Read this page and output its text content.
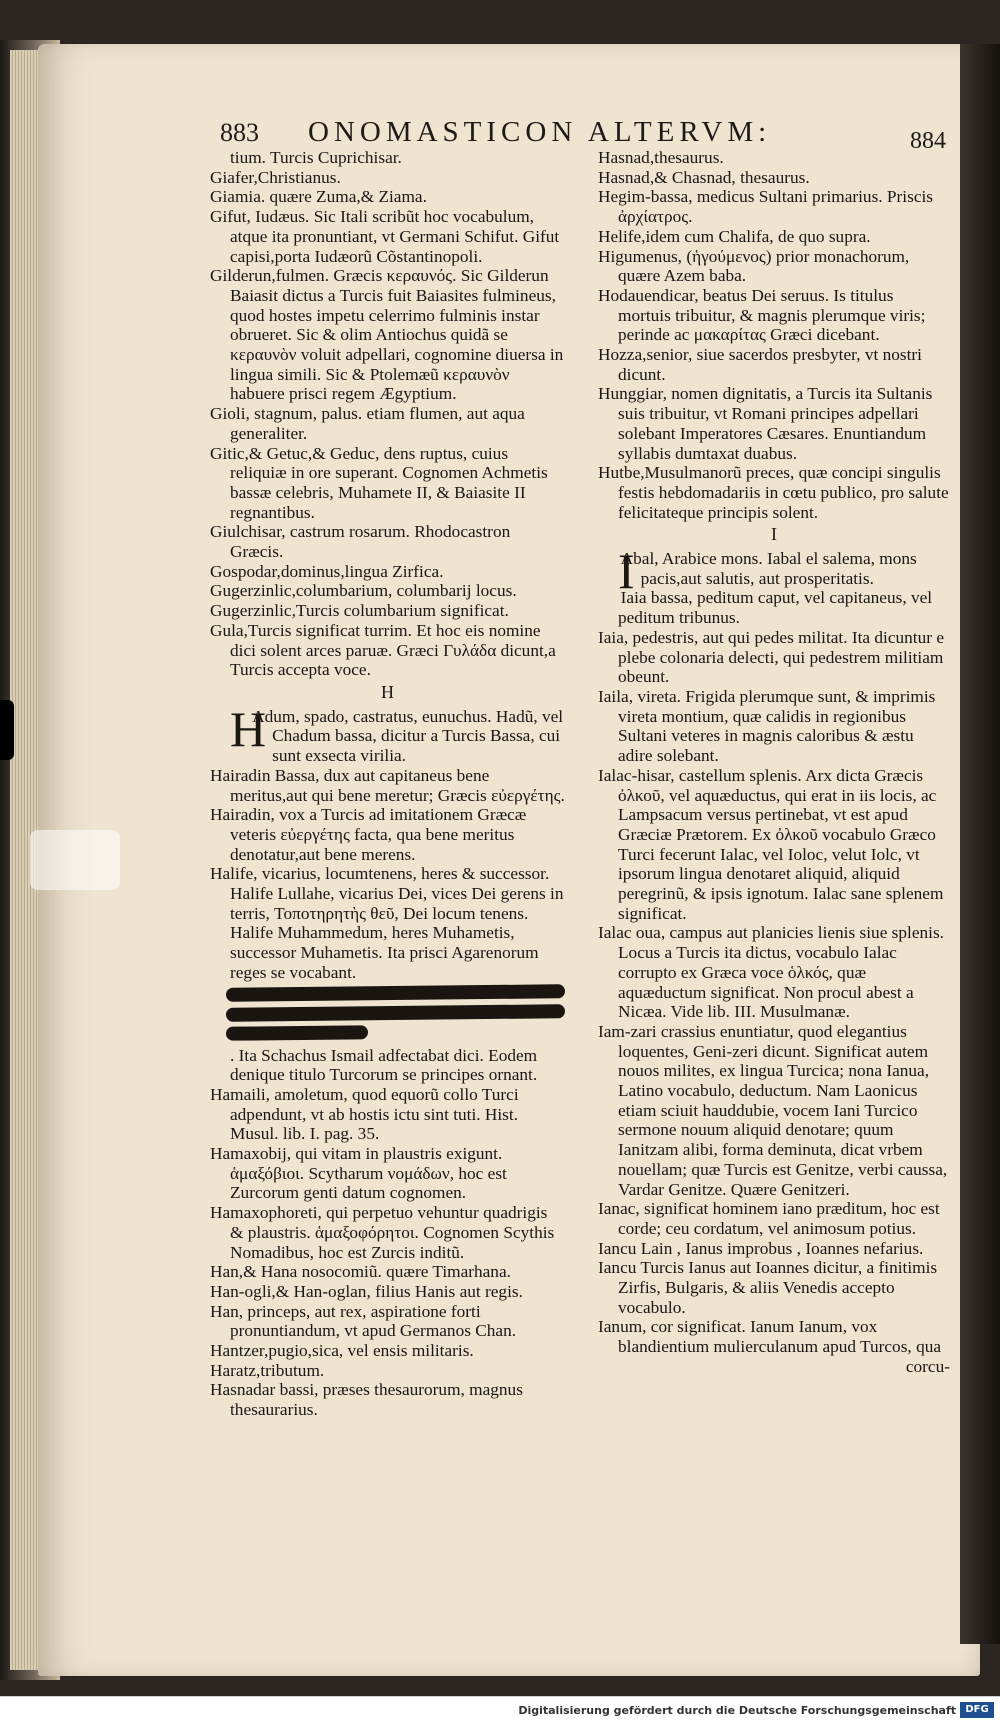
883 ONOMASTICON ALTERVM:	884

tium. Turcis Cuprichisar.

Giafer,Christianus.

Giamia. quære Zuma,& Ziama.

Gifut, Iudæus. Sic Itali scribũt hoc vocabulum, atque ita pronuntiant, vt Germani Schifut. Gifut capisi,porta Iudæorũ Cõstantinopoli.

Gilderun,fulmen. Græcis κεραυνός. Sic Gilderun Baiasit dictus a Turcis fuit Baiasites fulmineus, quod hostes impetu celerrimo fulminis instar obrueret. Sic & olim Antiochus quidã se κεραυνὸν voluit adpellari, cognomine diuersa in lingua simili. Sic & Ptolemæũ κεραυνὸν habuere prisci regem Ægyptium.

Gioli, stagnum, palus. etiam flumen, aut aqua generaliter.

Gitic,& Getuc,& Geduc, dens ruptus, cuius reliquiæ in ore superant. Cognomen Achmetis bassæ celebris, Muhamete II, & Baiasite II regnantibus.

Giulchisar, castrum rosarum. Rhodocastron Græcis.

Gospodar,dominus,lingua Zirfica.

Gugerzinlic,columbarium, columbarij locus.

Gugerzinlic,Turcis columbarium significat.

Gula,Turcis significat turrim. Et hoc eis nomine dici solent arces paruæ. Græci Γυλάδα dicunt,a Turcis accepta voce.

H

H
Adum, spado, castratus, eunuchus. Hadũ, vel Chadum bassa, dicitur a Turcis Bassa, cui sunt exsecta virilia.

Hairadin Bassa, dux aut capitaneus bene meritus,aut qui bene meretur; Græcis εὐεργέτης.

Hairadin, vox a Turcis ad imitationem Græcæ veteris εὐεργέτης facta, qua bene meritus denotatur,aut bene merens.

Halife, vicarius, locumtenens, heres & successor. Halife Lullahe, vicarius Dei, vices Dei gerens in terris, Τοποτηρητὴς θεῦ, Dei locum tenens. Halife Muhammedum, heres Muhametis, successor Muhametis. Ita prisci Agarenorum reges se vocabant.

. Ita Schachus Ismail adfectabat dici. Eodem denique titulo Turcorum se principes ornant.

Hamaili, amoletum, quod equorũ collo Turci adpendunt, vt ab hostis ictu sint tuti. Hist. Musul. lib. I. pag. 35.

Hamaxobij, qui vitam in plaustris exigunt. ἁμαξόβιοι. Scytharum νομάδων, hoc est Zurcorum genti datum cognomen.

Hamaxophoreti, qui perpetuo vehuntur quadrigis & plaustris. ἁμαξοφόρητοι. Cognomen Scythis Nomadibus, hoc est Zurcis inditũ.

Han,& Hana nosocomiũ. quære Timarhana.

Han-ogli,& Han-oglan, filius Hanis aut regis.

Han, princeps, aut rex, aspiratione forti pronuntiandum, vt apud Germanos Chan.

Hantzer,pugio,sica, vel ensis militaris.

Haratz,tributum.

Hasnadar bassi, præses thesaurorum, magnus thesaurarius.

Hasnad,thesaurus.

Hasnad,& Chasnad, thesaurus.

Hegim-bassa, medicus Sultani primarius. Priscis ἀρχίατρος.

Helife,idem cum Chalifa, de quo supra.

Higumenus, (ἡγούμενος) prior monachorum, quære Azem baba.

Hodauendicar, beatus Dei seruus. Is titulus mortuis tribuitur, & magnis plerumque viris; perinde ac μακαρίτας Græci dicebant.

Hozza,senior, siue sacerdos presbyter, vt nostri dicunt.

Hunggiar, nomen dignitatis, a Turcis ita Sultanis suis tribuitur, vt Romani principes adpellari solebant Imperatores Cæsares. Enuntiandum syllabis dumtaxat duabus.

Hutbe,Musulmanorũ preces, quæ concipi singulis festis hebdomadariis in cœtu publico, pro salute felicitateque principis solent.

I

I
Abal, Arabice mons. Iabal el salema, mons pacis,aut salutis, aut prosperitatis.

Iaia bassa, peditum caput, vel capitaneus, vel peditum tribunus.

Iaia, pedestris, aut qui pedes militat. Ita dicuntur e plebe colonaria delecti, qui pedestrem militiam obeunt.

Iaila, vireta. Frigida plerumque sunt, & imprimis vireta montium, quæ calidis in regionibus Sultani veteres in magnis caloribus & æstu adire solebant.

Ialac-hisar, castellum splenis. Arx dicta Græcis ὀλκοῦ, vel aquæductus, qui erat in iis locis, ac Lampsacum versus pertinebat, vt est apud Græciæ Prætorem. Ex ὀλκοῦ vocabulo Græco Turci fecerunt Ialac, vel Ioloc, velut Iolc, vt ipsorum lingua denotaret aliquid, aliquid peregrinũ, & ipsis ignotum. Ialac sane splenem significat.

Ialac oua, campus aut planicies lienis siue splenis. Locus a Turcis ita dictus, vocabulo Ialac corrupto ex Græca voce ὁλκός, quæ aquæductum significat. Non procul abest a Nicæa. Vide lib. III. Musulmanæ.

Iam-zari crassius enuntiatur, quod elegantius loquentes, Geni-zeri dicunt. Significat autem nouos milites, ex lingua Turcica; nona Ianua, Latino vocabulo, deductum. Nam Laonicus etiam sciuit hauddubie, vocem Iani Turcico sermone nouum aliquid denotare; quum Ianitzam alibi, forma deminuta, dicat vrbem nouellam; quæ Turcis est Genitze, verbi caussa, Vardar Genitze. Quære Genitzeri.

Ianac, significat hominem iano præditum, hoc est corde; ceu cordatum, vel animosum potius.

Iancu Lain , Ianus improbus , Ioannes nefarius.

Iancu Turcis Ianus aut Ioannes dicitur, a finitimis Zirfis, Bulgaris, & aliis Venedis accepto vocabulo.

Ianum, cor significat. Ianum Ianum, vox blandientium mulierculanum apud Turcos, qua

corcu-

Digitalisierung gefördert durch die Deutsche Forschungsgemeinschaft DFG
